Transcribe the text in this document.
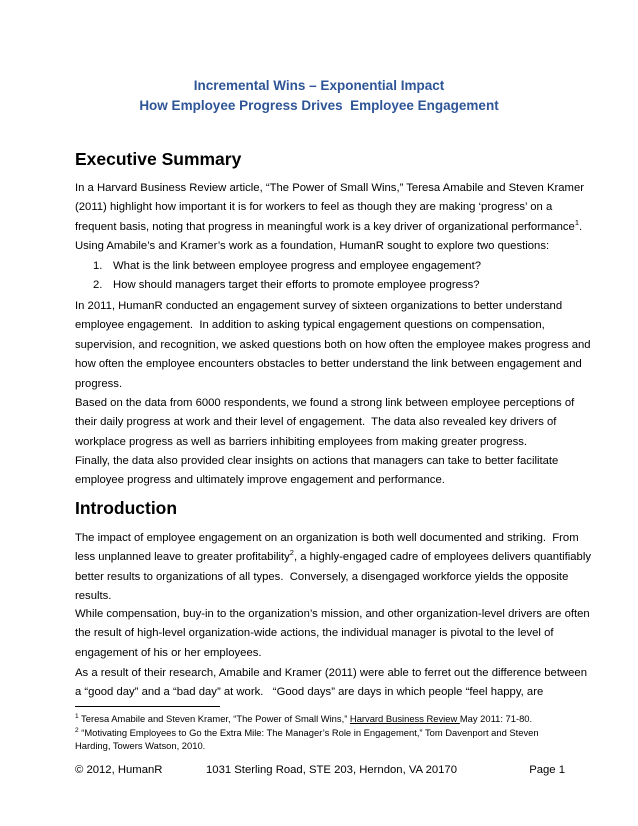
Incremental Wins – Exponential Impact
How Employee Progress Drives  Employee Engagement
Executive Summary
In a Harvard Business Review article, “The Power of Small Wins,” Teresa Amabile and Steven Kramer
(2011) highlight how important it is for workers to feel as though they are making ‘progress’ on a
frequent basis, noting that progress in meaningful work is a key driver of organizational performance$^1$.
Using Amabile’s and Kramer’s work as a foundation, HumanR sought to explore two questions:
1. What is the link between employee progress and employee engagement?
2. How should managers target their efforts to promote employee progress?
In 2011, HumanR conducted an engagement survey of sixteen organizations to better understand
employee engagement.  In addition to asking typical engagement questions on compensation,
supervision, and recognition, we asked questions both on how often the employee makes progress and
how often the employee encounters obstacles to better understand the link between engagement and
progress.
Based on the data from 6000 respondents, we found a strong link between employee perceptions of
their daily progress at work and their level of engagement.  The data also revealed key drivers of
workplace progress as well as barriers inhibiting employees from making greater progress.
Finally, the data also provided clear insights on actions that managers can take to better facilitate
employee progress and ultimately improve engagement and performance.
Introduction
The impact of employee engagement on an organization is both well documented and striking.  From
less unplanned leave to greater profitability$^2$, a highly-engaged cadre of employees delivers quantifiably
better results to organizations of all types.  Conversely, a disengaged workforce yields the opposite
results.
While compensation, buy-in to the organization’s mission, and other organization-level drivers are often
the result of high-level organization-wide actions, the individual manager is pivotal to the level of
engagement of his or her employees.
As a result of their research, Amabile and Kramer (2011) were able to ferret out the difference between
a “good day” and a “bad day” at work.   “Good days” are days in which people “feel happy, are
$^1$ Teresa Amabile and Steven Kramer, “The Power of Small Wins,” Harvard Business Review May 2011: 71-80.
$^2$ “Motivating Employees to Go the Extra Mile: The Manager’s Role in Engagement,” Tom Davenport and Steven
Harding, Towers Watson, 2010.
© 2012, HumanR	1031 Sterling Road, STE 203, Herndon, VA 20170	Page 1
